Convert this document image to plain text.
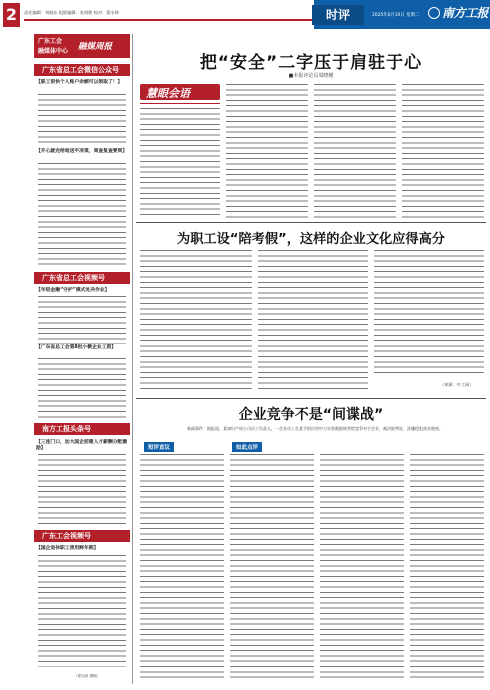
2	责任编辑：刘晓东 组版编辑：张明理 校对：蒙水帅	时评	2025年6月10日 星期二 南方工报
广东工会
融媒体中心 融媒周报
广东省总工会微信公众号
【职工很快个人账户余额可以领取了！】
【开心就完给咱送平凉菜，周查复查要到】
广东省总工会视频号
【年轻金融“守护”模式处决作业】
【广东省总工会第8批小微企业工资】
南方工报头条号
【三连门口，加大国企前建人才薪酬分配激励】
广东工会视频号
【国企退休职工使用跨年期】
（郑钊真 撰稿）
把“安全”二字压于肩驻于心
■本报评论员周晓槿
慧眼会语
为职工设“陪考假”，这样的企业文化应得高分
（来源：中工网）
企业竞争不是“间谍战”
新闻事件：据报道，某知识产权公司员工负责人，一企业员工在某手机应用中与实验数据转售给竞争对手企业，被法院判处，涉嫌侵犯商业秘密。
短评直议	如此点评
